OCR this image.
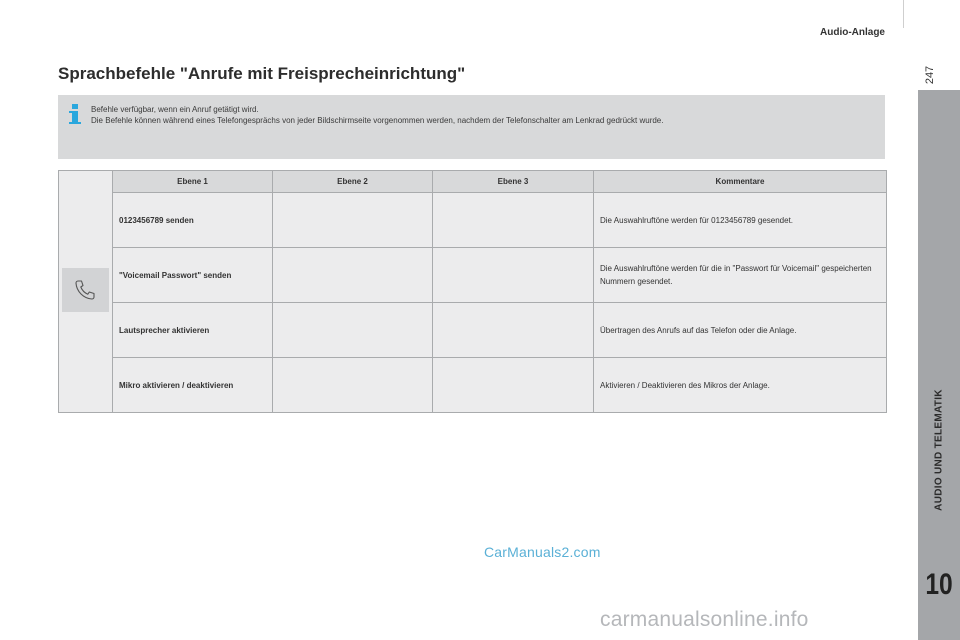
Audio-Anlage
247
AUDIO UND TELEMATIK
10
Sprachbefehle "Anrufe mit Freisprecheinrichtung"
Befehle verfügbar, wenn ein Anruf getätigt wird.
Die Befehle können während eines Telefongesprächs von jeder Bildschirmseite vorgenommen werden, nachdem der Telefonschalter am Lenkrad gedrückt wurde.
	Ebene 1	Ebene 2	Ebene 3	Kommentare
	0123456789 senden			Die Auswahlruftöne werden für 0123456789 gesendet.
	"Voicemail Passwort" senden			Die Auswahlruftöne werden für die in "Passwort für Voicemail" gespeicherten Nummern gesendet.
	Lautsprecher aktivieren			Übertragen des Anrufs auf das Telefon oder die Anlage.
	Mikro aktivieren / deaktivieren			Aktivieren / Deaktivieren des Mikros der Anlage.
CarManuals2.com
carmanualsonline.info
